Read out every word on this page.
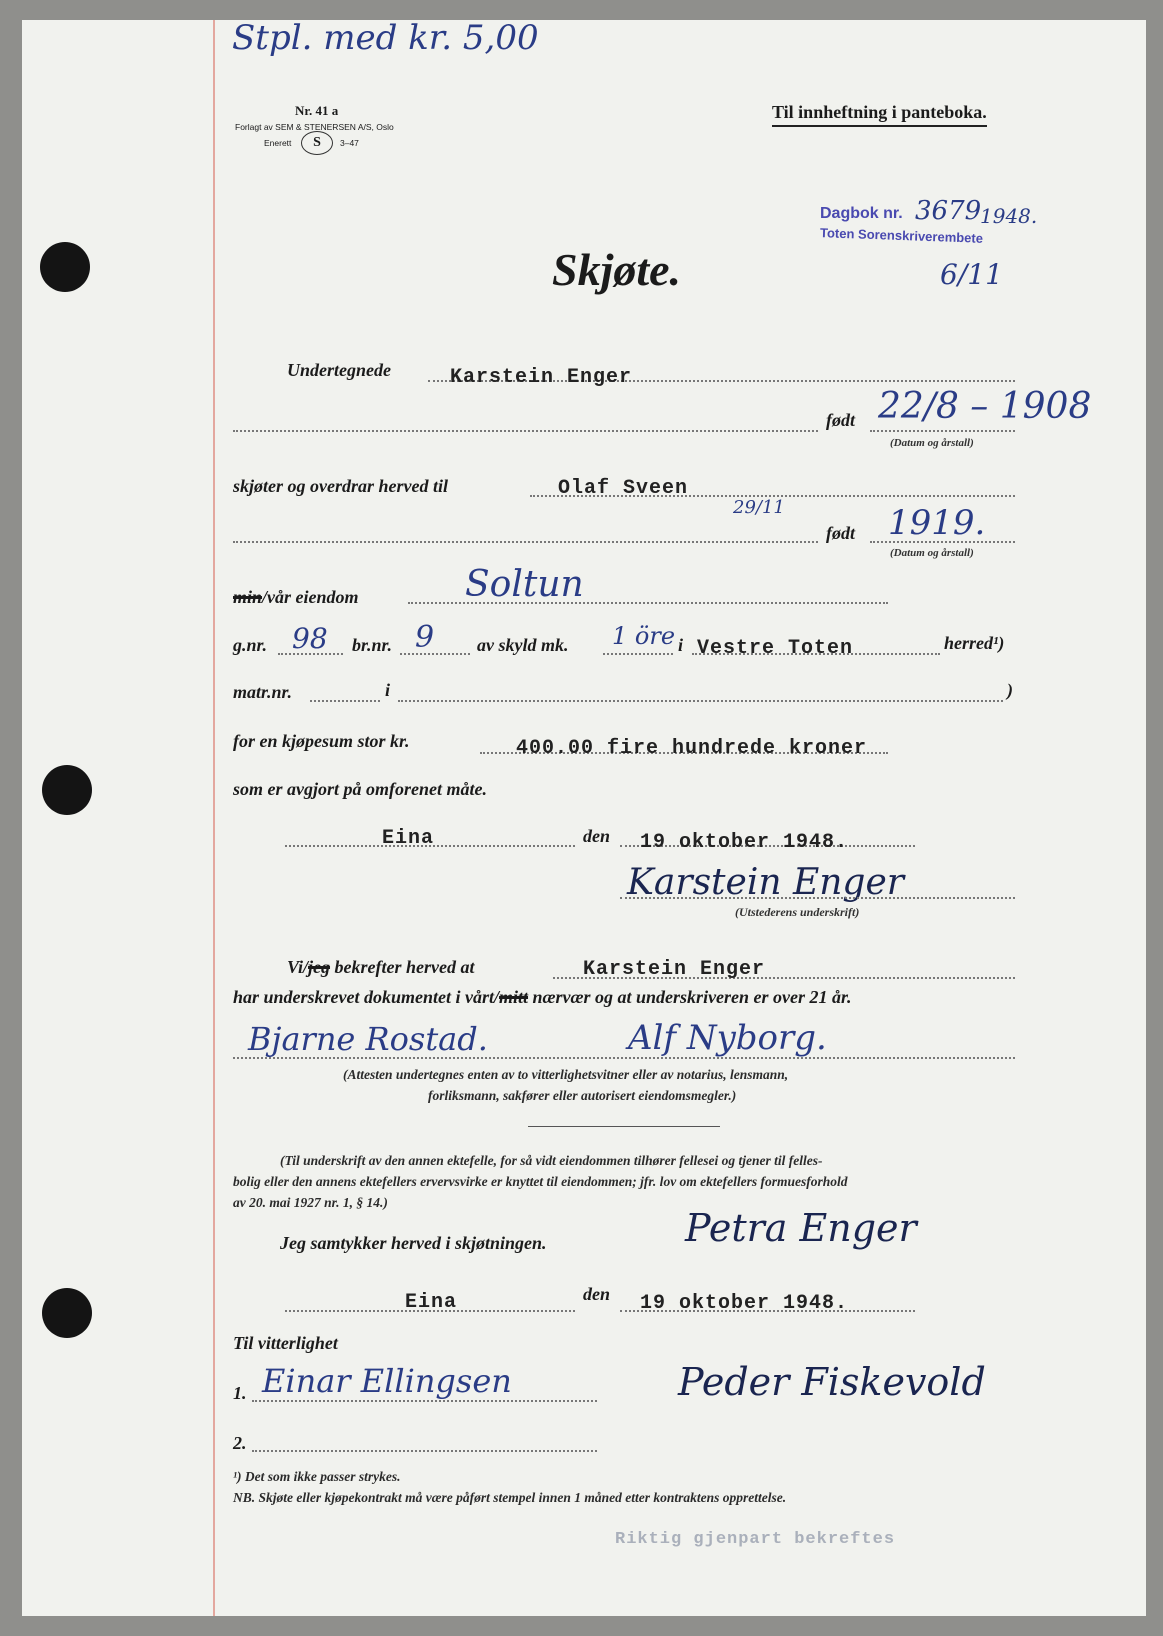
Stpl. med kr. 5,00
Nr. 41 a
Forlagt av SEM & STENERSEN A/S, Oslo
Enerett	S	3–47
Til innheftning i panteboka.
Dagbok nr. 3679
1948.
Toten Sorenskriverembete
6/11
Skjøte.
Undertegnede	Karstein Enger
født 22/8 – 1908
(Datum og årstall)
skjøter og overdrar herved til	Olaf Sveen
29/11
født 1919.
(Datum og årstall)
min/vår eiendom	Soltun
g.nr. 98 br.nr. 9 av skyld mk. 1 öre i Vestre Toten	herred¹)
matr.nr.	i	)
for en kjøpesum stor kr.	400.00 fire hundrede kroner
som er avgjort på omforenet måte.
Eina	den 19 oktober 1948.
Karstein Enger
(Utstederens underskrift)
Vi/jeg bekrefter herved at	Karstein Enger
har underskrevet dokumentet i vårt/mitt nærvær og at underskriveren er over 21 år.
Bjarne Rostad.	Alf Nyborg.
(Attesten undertegnes enten av to vitterlighetsvitner eller av notarius, lensmann,
forliksmann, sakfører eller autorisert eiendomsmegler.)
(Til underskrift av den annen ektefelle, for så vidt eiendommen tilhører fellesei og tjener til felles-
bolig eller den annens ektefellers ervervsvirke er knyttet til eiendommen; jfr. lov om ektefellers formuesforhold
av 20. mai 1927 nr. 1, § 14.)
Jeg samtykker herved i skjøtningen.	Petra Enger
Eina	den 19 oktober 1948.
Til vitterlighet
1. Einar Ellingsen	Peder Fiskevold
2.
¹) Det som ikke passer strykes.
NB. Skjøte eller kjøpekontrakt må være påført stempel innen 1 måned etter kontraktens opprettelse.
Riktig gjenpart bekreftes
